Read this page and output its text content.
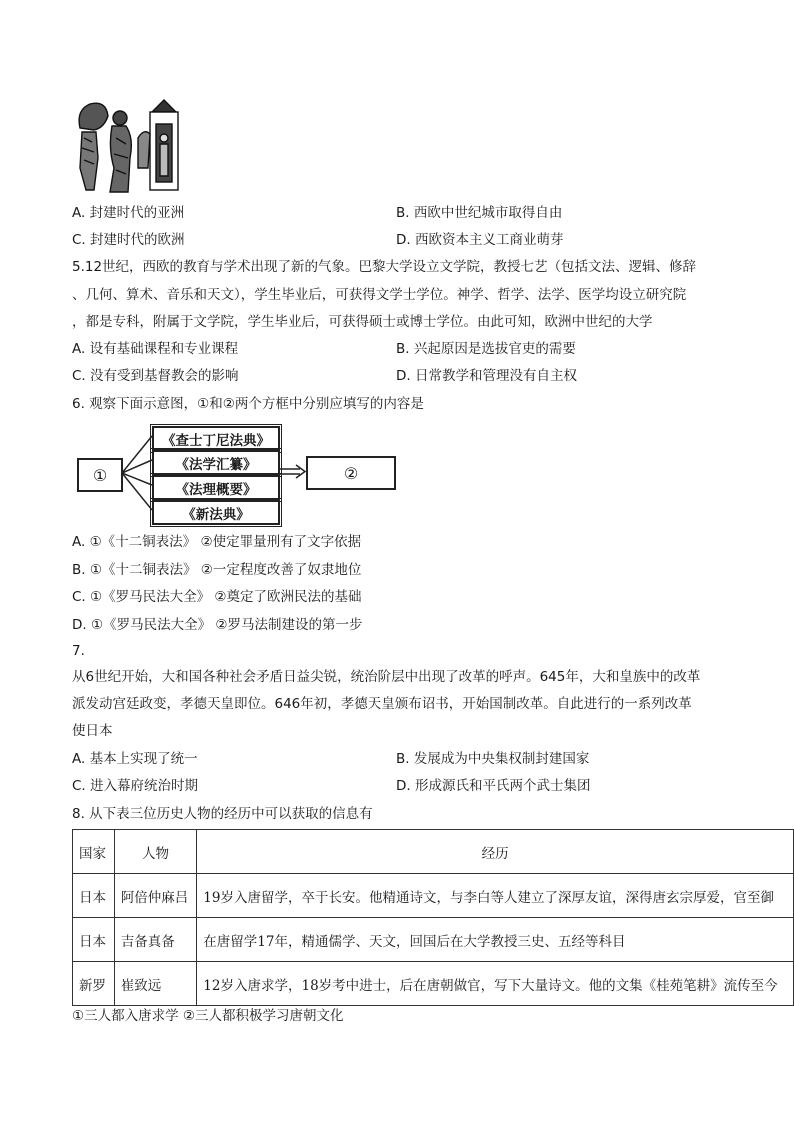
A. 封建时代的亚洲	B. 西欧中世纪城市取得自由
C. 封建时代的欧洲	D. 西欧资本主义工商业萌芽
5.12世纪，西欧的教育与学术出现了新的气象。巴黎大学设立文学院，教授七艺（包括文法、逻辑、修辞
、几何、算术、音乐和天文），学生毕业后，可获得文学士学位。神学、哲学、法学、医学均设立研究院
，都是专科，附属于文学院，学生毕业后，可获得硕士或博士学位。由此可知，欧洲中世纪的大学
A. 设有基础课程和专业课程	B. 兴起原因是选拔官吏的需要
C. 没有受到基督教会的影响	D. 日常教学和管理没有自主权
6. 观察下面示意图，①和②两个方框中分别应填写的内容是
①
《查士丁尼法典》
《法学汇纂》
《法理概要》
《新法典》
②
A. ①《十二铜表法》 ②使定罪量刑有了文字依据
B. ①《十二铜表法》 ②一定程度改善了奴隶地位
C. ①《罗马民法大全》 ②奠定了欧洲民法的基础
D. ①《罗马民法大全》 ②罗马法制建设的第一步
7.
从6世纪开始，大和国各种社会矛盾日益尖锐，统治阶层中出现了改革的呼声。645年，大和皇族中的改革
派发动宫廷政变，孝德天皇即位。646年初，孝德天皇颁布诏书，开始国制改革。自此进行的一系列改革
使日本
A. 基本上实现了统一	B. 发展成为中央集权制封建国家
C. 进入幕府统治时期	D. 形成源氏和平氏两个武士集团
8. 从下表三位历史人物的经历中可以获取的信息有
国家	人物	经历
日本	阿倍仲麻吕	19岁入唐留学，卒于长安。他精通诗文，与李白等人建立了深厚友谊，深得唐玄宗厚爱，官至御
日本	吉备真备	在唐留学17年，精通儒学、天文，回国后在大学教授三史、五经等科目
新罗	崔致远	12岁入唐求学，18岁考中进士，后在唐朝做官，写下大量诗文。他的文集《桂苑笔耕》流传至今
①三人都入唐求学 ②三人都积极学习唐朝文化
